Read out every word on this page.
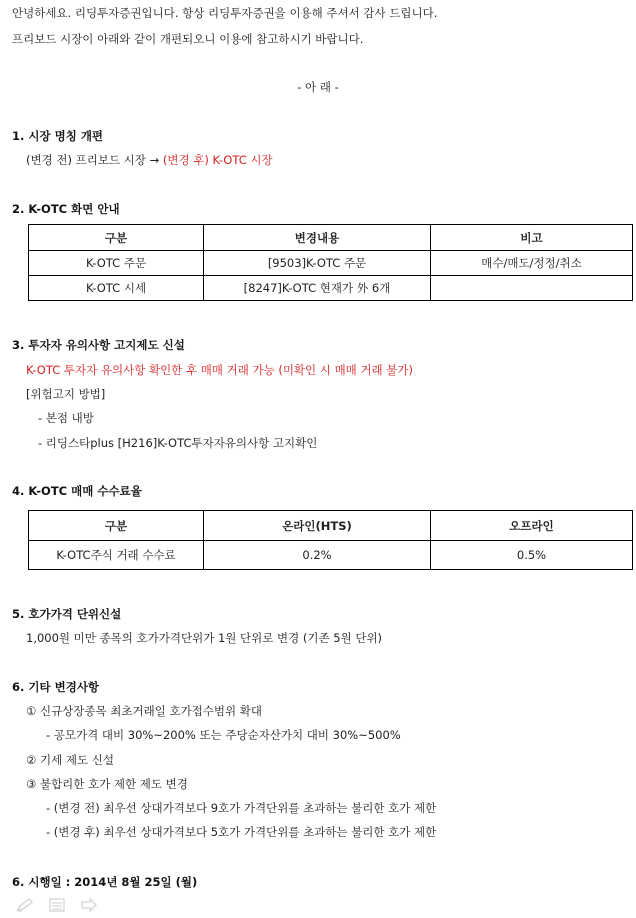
안녕하세요. 리딩투자증권입니다. 항상 리딩투자증권을 이용해 주셔서 감사 드립니다.
프리보드 시장이 아래와 같이 개편되오니 이용에 참고하시기 바랍니다.
- 아 래 -
1. 시장 명칭 개편
(변경 전) 프리보드 시장 → (변경 후) K-OTC 시장
2. K-OTC 화면 안내
구분	변경내용	비고
K-OTC 주문	[9503]K-OTC 주문	매수/매도/정정/취소
K-OTC 시세	[8247]K-OTC 현재가 外 6개	
3. 투자자 유의사항 고지제도 신설
K-OTC 투자자 유의사항 확인한 후 매매 거래 가능 (미확인 시 매매 거래 불가)
[위험고지 방법]
- 본점 내방
- 리딩스타plus [H216]K-OTC투자자유의사항 고지확인
4. K-OTC 매매 수수료율
구분	온라인(HTS)	오프라인
K-OTC주식 거래 수수료	0.2%	0.5%
5. 호가가격 단위신설
1,000원 미만 종목의 호가가격단위가 1원 단위로 변경 (기존 5원 단위)
6. 기타 변경사항
① 신규상장종목 최초거래일 호가접수범위 확대
- 공모가격 대비 30%~200% 또는 주당순자산가치 대비 30%~500%
② 기세 제도 신설
③ 불합리한 호가 제한 제도 변경
- (변경 전) 최우선 상대가격보다 9호가 가격단위를 초과하는 불리한 호가 제한
- (변경 후) 최우선 상대가격보다 5호가 가격단위를 초과하는 불리한 호가 제한
6. 시행일 : 2014년 8월 25일 (월)
